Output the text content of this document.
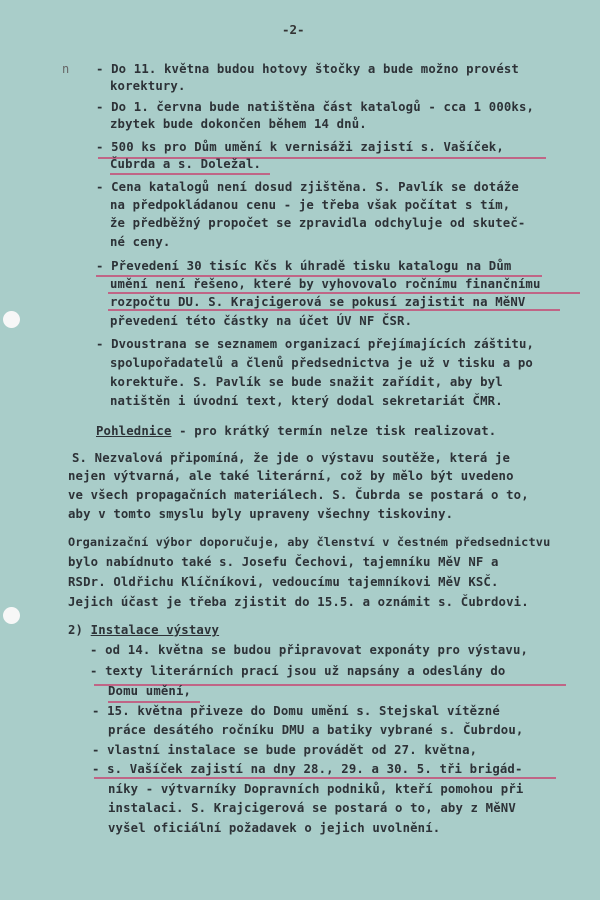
-2-
n - Do 11. května budou hotovy štočky a bude možno provést
korektury.
- Do 1. června bude natištěna část katalogů - cca 1 000ks,
zbytek bude dokončen během 14 dnů.
- 500 ks pro Dům umění k vernisáži zajistí s. Vašíček,
Čubrda a s. Doležal.
- Cena katalogů není dosud zjištěna. S. Pavlík se dotáže
na předpokládanou cenu - je třeba však počítat s tím,
že předběžný propočet se zpravidla odchyluje od skuteč-
né ceny.
- Převedení 30 tisíc Kčs k úhradě tisku katalogu na Dům
umění není řešeno, které by vyhovovalo ročnímu finančnímu
rozpočtu DU. S. Krajcigerová se pokusí zajistit na MěNV
převedení této částky na účet ÚV NF ČSR.
- Dvoustrana se seznamem organizací přejímajících záštitu,
spolupořadatelů a členů předsednictva je už v tisku a po
korektuře. S. Pavlík se bude snažit zařídit, aby byl
natištěn i úvodní text, který dodal sekretariát ČMR.
Pohlednice - pro krátký termín nelze tisk realizovat.
S. Nezvalová připomíná, že jde o výstavu soutěže, která je
nejen výtvarná, ale také literární, což by mělo být uvedeno
ve všech propagačních materiálech. S. Čubrda se postará o to,
aby v tomto smyslu byly upraveny všechny tiskoviny.
Organizační výbor doporučuje, aby členství v čestném předsednictvu
bylo nabídnuto také s. Josefu Čechovi, tajemníku MěV NF a
RSDr. Oldřichu Klíčníkovi, vedoucímu tajemníkovi MěV KSČ.
Jejich účast je třeba zjistit do 15.5. a oznámit s. Čubrdovi.
2) Instalace výstavy
- od 14. května se budou připravovat exponáty pro výstavu,
- texty literárních prací jsou už napsány a odeslány do
Domu umění,
- 15. května přiveze do Domu umění s. Stejskal vítězné
práce desátého ročníku DMU a batiky vybrané s. Čubrdou,
- vlastní instalace se bude provádět od 27. května,
- s. Vašíček zajistí na dny 28., 29. a 30. 5. tři brigád-
níky - výtvarníky Dopravních podniků, kteří pomohou při
instalaci. S. Krajcigerová se postará o to, aby z MěNV
vyšel oficiální požadavek o jejich uvolnění.
